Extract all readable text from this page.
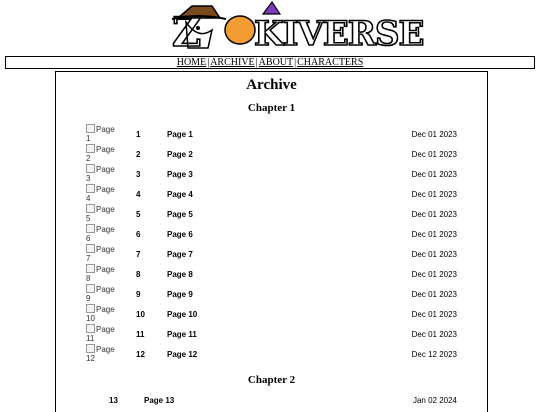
Z KIVERSE
HOME|ARCHIVE|ABOUT|CHARACTERS
Archive
Chapter 1
Page 1	1	Page 1	Dec 01 2023
Page 2	2	Page 2	Dec 01 2023
Page 3	3	Page 3	Dec 01 2023
Page 4	4	Page 4	Dec 01 2023
Page 5	5	Page 5	Dec 01 2023
Page 6	6	Page 6	Dec 01 2023
Page 7	7	Page 7	Dec 01 2023
Page 8	8	Page 8	Dec 01 2023
Page 9	9	Page 9	Dec 01 2023
Page 10	10	Page 10	Dec 01 2023
Page 11	11	Page 11	Dec 01 2023
Page 12	12	Page 12	Dec 12 2023
Chapter 2
13	Page 13	Jan 02 2024
